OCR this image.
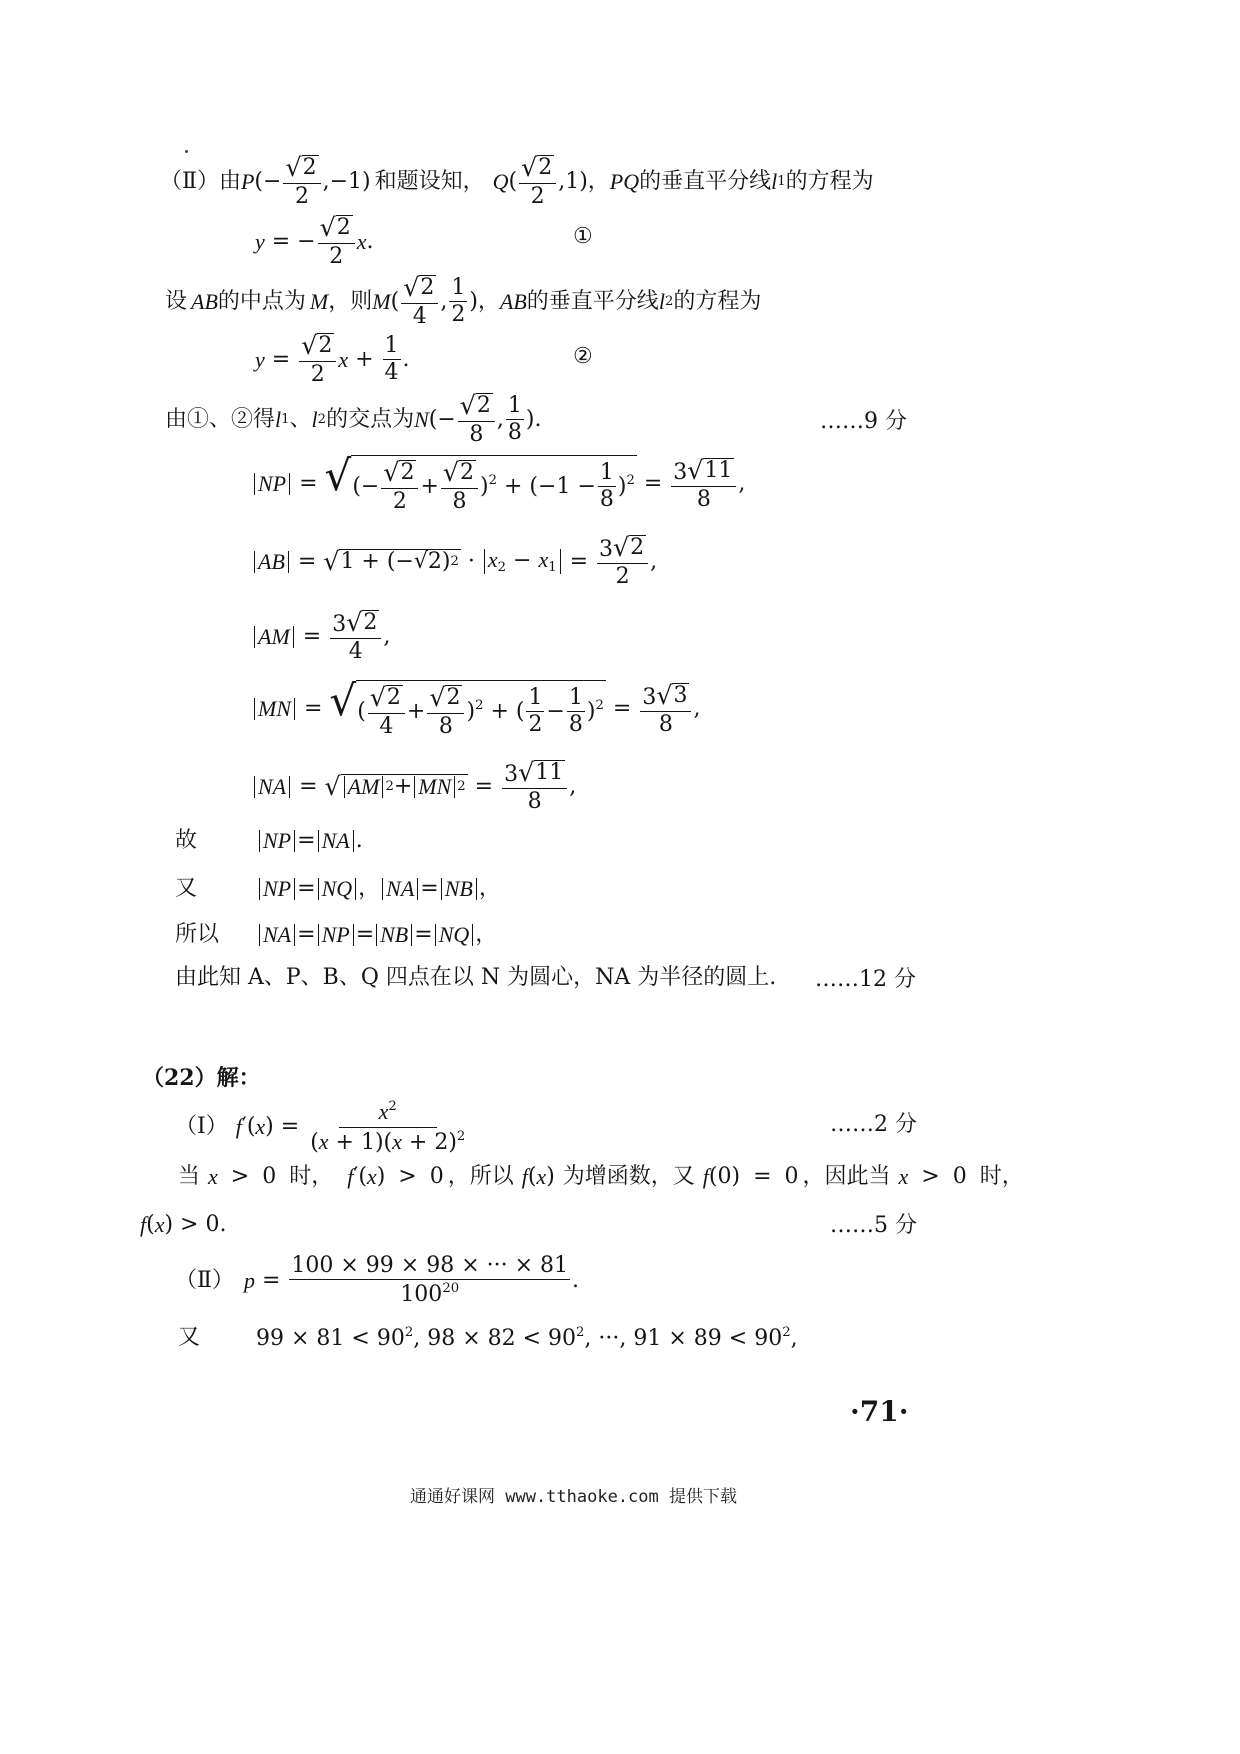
（Ⅱ）由 P (− $\frac{√ 2}{2} ,-1$) 和题设知， Q ( $\frac{√ 2}{2} ,1$)， PQ 的垂直平分线 l 1 的方程为
y = − $\frac{√ 2}{2}$ x .	①
设 AB 的中点为 M ，则 M ( $\frac{√ 2}{4}$ , $\frac{1}{2}$ )， AB 的垂直平分线 l 2 的方程为
$y = \frac{√ 2}{2}$ $x + \frac{1}{4}$ .	②
由①、②得 l 1 、 l 2 的交点为 N (− $\frac{√ 2}{8}$ , $\frac{1}{8}$ ).	……9 分
NP = √ (− $\frac{√ 2}{2} + \frac{√ 2}{8} )^2 + (-1 - \frac{1}{8} )^2 = \frac{3 √ 11}{8}$ ,
AB = √ 1 + (−√2) $2 \cdot x_2 - x_1 = \frac{3 √ 2}{2}$ ,
AM = $\frac{3 √ 2}{4}$ ,
MN = √ ( $\frac{√ 2}{4} + \frac{√ 2}{8} )^2$ + ( $\frac{1}{2} - \frac{1}{8} )^2 = \frac{3 √ 3}{8}$ ,
NA = √ AM 2 + MN $2 = \frac{3 √ 11}{8}$ ,
故	NP = NA .
又	NP = NQ ， NA = NB ，
所以	NA = NP = NB = NQ ，
由此知 A、P、B、Q 四点在以 N 为圆心，NA 为半径的圆上. ……12 分
（22）解：
（Ⅰ） f ′( x ) = $\frac{x^2}{(x + 1)(x + 2)^2}$	……2 分
当 x > 0 时， f ′( x ) > 0 ，所以 f ( x ) 为增函数，又 f (0) = 0 ，因此当 x > 0 时，
f ( x ) > 0.	……5 分
（Ⅱ） $p = \frac{100 \times 99 \times 98 \times \cdot\cdot\cdot \times 81}{100^{20}}$ .
又	$99 \times 81 < 90^2$, $98 \times 82 < 90^2$, ···, $91 \times 89 < 90^2$,
·71·
通通好课网 www.tthaoke.com 提供下载
